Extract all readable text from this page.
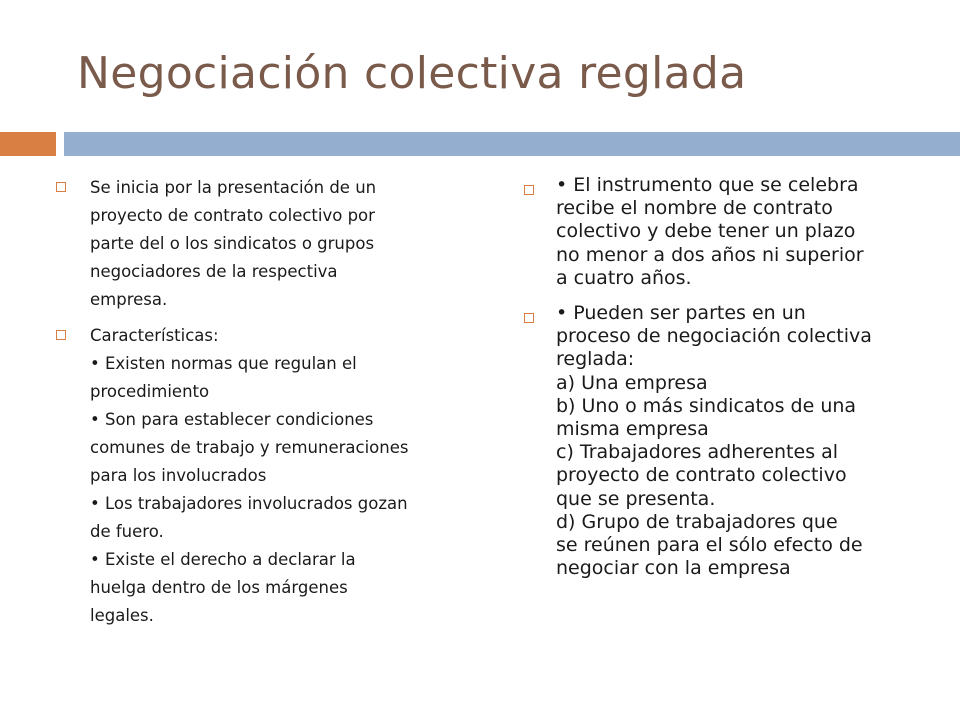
Negociación colectiva reglada
Se inicia por la presentación de un
proyecto de contrato colectivo por
parte del o los sindicatos o grupos
negociadores de la respectiva
empresa.
Características:
• Existen normas que regulan el
procedimiento
• Son para establecer condiciones
comunes de trabajo y remuneraciones
para los involucrados
• Los trabajadores involucrados gozan
de fuero.
• Existe el derecho a declarar la
huelga dentro de los márgenes
legales.
• El instrumento que se celebra
recibe el nombre de contrato
colectivo y debe tener un plazo
no menor a dos años ni superior
a cuatro años.
• Pueden ser partes en un
proceso de negociación colectiva
reglada:
a) Una empresa
b) Uno o más sindicatos de una
misma empresa
c) Trabajadores adherentes al
proyecto de contrato colectivo
que se presenta.
d) Grupo de trabajadores que
se reúnen para el sólo efecto de
negociar con la empresa
